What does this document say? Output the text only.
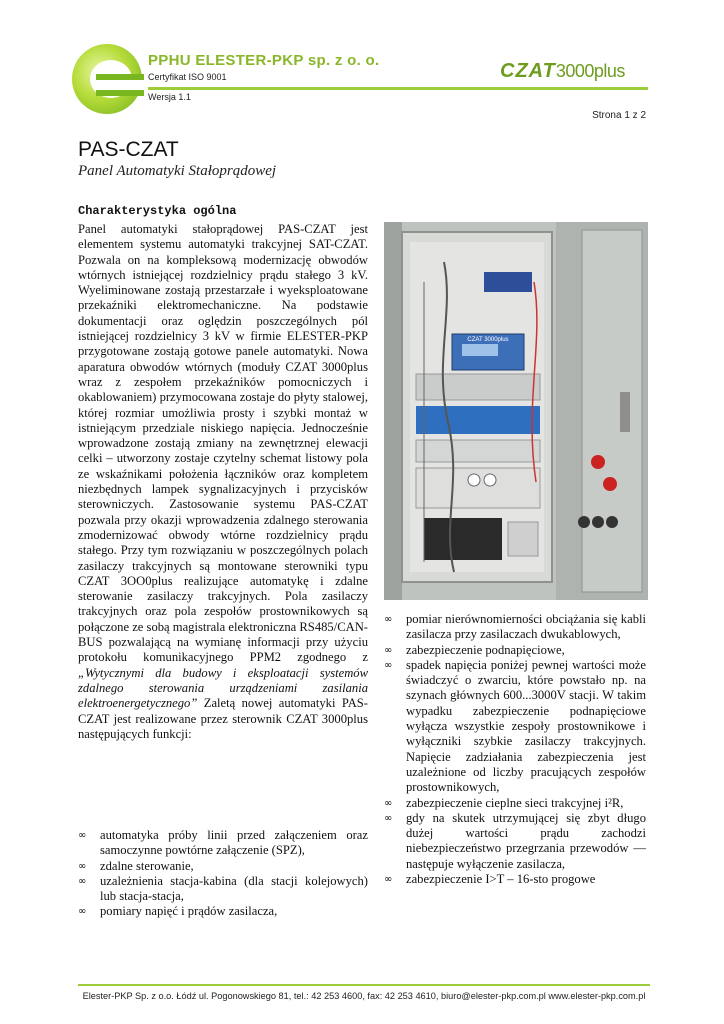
PPHU ELESTER-PKP sp. z o. o.
Certyfikat ISO 9001
Wersja 1.1
CZAT3000plus
Strona 1 z 2
PAS-CZAT
Panel Automatyki Stałoprądowej
Charakterystyka ogólna

Panel automatyki stałoprądowej PAS-CZAT jest elementem systemu automatyki trakcyjnej SAT-CZAT. Pozwala on na kompleksową modernizację obwodów wtórnych istniejącej rozdzielnicy prądu stałego 3 kV. Wyeliminowane zostają przestarzałe i wyeksploatowane przekaźniki elektromechaniczne. Na podstawie dokumentacji oraz oględzin poszczególnych pól istniejącej rozdzielnicy 3 kV w firmie ELESTER-PKP przygotowane zostają gotowe panele automatyki. Nowa aparatura obwodów wtórnych (moduły CZAT 3000plus wraz z zespołem przekaźników pomocniczych i okablowaniem) przymocowana zostaje do płyty stalowej, której rozmiar umożliwia prosty i szybki montaż w istniejącym przedziale niskiego napięcia. Jednocześnie wprowadzone zostają zmiany na zewnętrznej elewacji celki – utworzony zostaje czytelny schemat listowy pola ze wskaźnikami położenia łączników oraz kompletem niezbędnych lampek sygnalizacyjnych i przycisków sterowniczych. Zastosowanie systemu PAS-CZAT pozwala przy okazji wprowadzenia zdalnego sterowania zmodernizować obwody wtórne rozdzielnicy prądu stałego. Przy tym rozwiązaniu w poszczególnych polach zasilaczy trakcyjnych są montowane sterowniki typu CZAT 3OO0plus realizujące automatykę i zdalne sterowanie zasilaczy trakcyjnych. Pola zasilaczy trakcyjnych oraz pola zespołów prostownikowych są połączone ze sobą magistrala elektroniczna RS485/CAN-BUS pozwalającą na wymianę informacji przy użyciu protokołu komunikacyjnego PPM2 zgodnego z „Wytycznymi dla budowy i eksploatacji systemów zdalnego sterowania urządzeniami zasilania elektroenergetycznego” Zaletą nowej automatyki PAS-CZAT jest realizowane przez sterownik CZAT 3000plus następujących funkcji:

∞ automatyka próby linii przed załączeniem oraz samoczynne powtórne załączenie (SPZ),
∞ zdalne sterowanie,
∞ uzależnienia stacja-kabina (dla stacji kolejowych) lub stacja-stacja,
∞ pomiary napięć i prądów zasilacza,
CZAT 3000plus
∞ pomiar nierównomierności obciążania się kabli zasilacza przy zasilaczach dwukablowych,
∞ zabezpieczenie podnapięciowe,
∞ spadek napięcia poniżej pewnej wartości może świadczyć o zwarciu, które powstało np. na szynach głównych 600...3000V stacji. W takim wypadku zabezpieczenie podnapięciowe wyłącza wszystkie zespoły prostownikowe i wyłączniki szybkie zasilaczy trakcyjnych. Napięcie zadziałania zabezpieczenia jest uzależnione od liczby pracujących zespołów prostownikowych,
∞ zabezpieczenie cieplne sieci trakcyjnej i²R,
∞ gdy na skutek utrzymującej się zbyt długo dużej wartości prądu zachodzi niebezpieczeństwo przegrzania przewodów — następuje wyłączenie zasilacza,
∞ zabezpieczenie I>T – 16-sto progowe
Elester-PKP Sp. z o.o. Łódź ul. Pogonowskiego 81, tel.: 42 253 4600, fax: 42 253 4610, biuro@elester-pkp.com.pl www.elester-pkp.com.pl
